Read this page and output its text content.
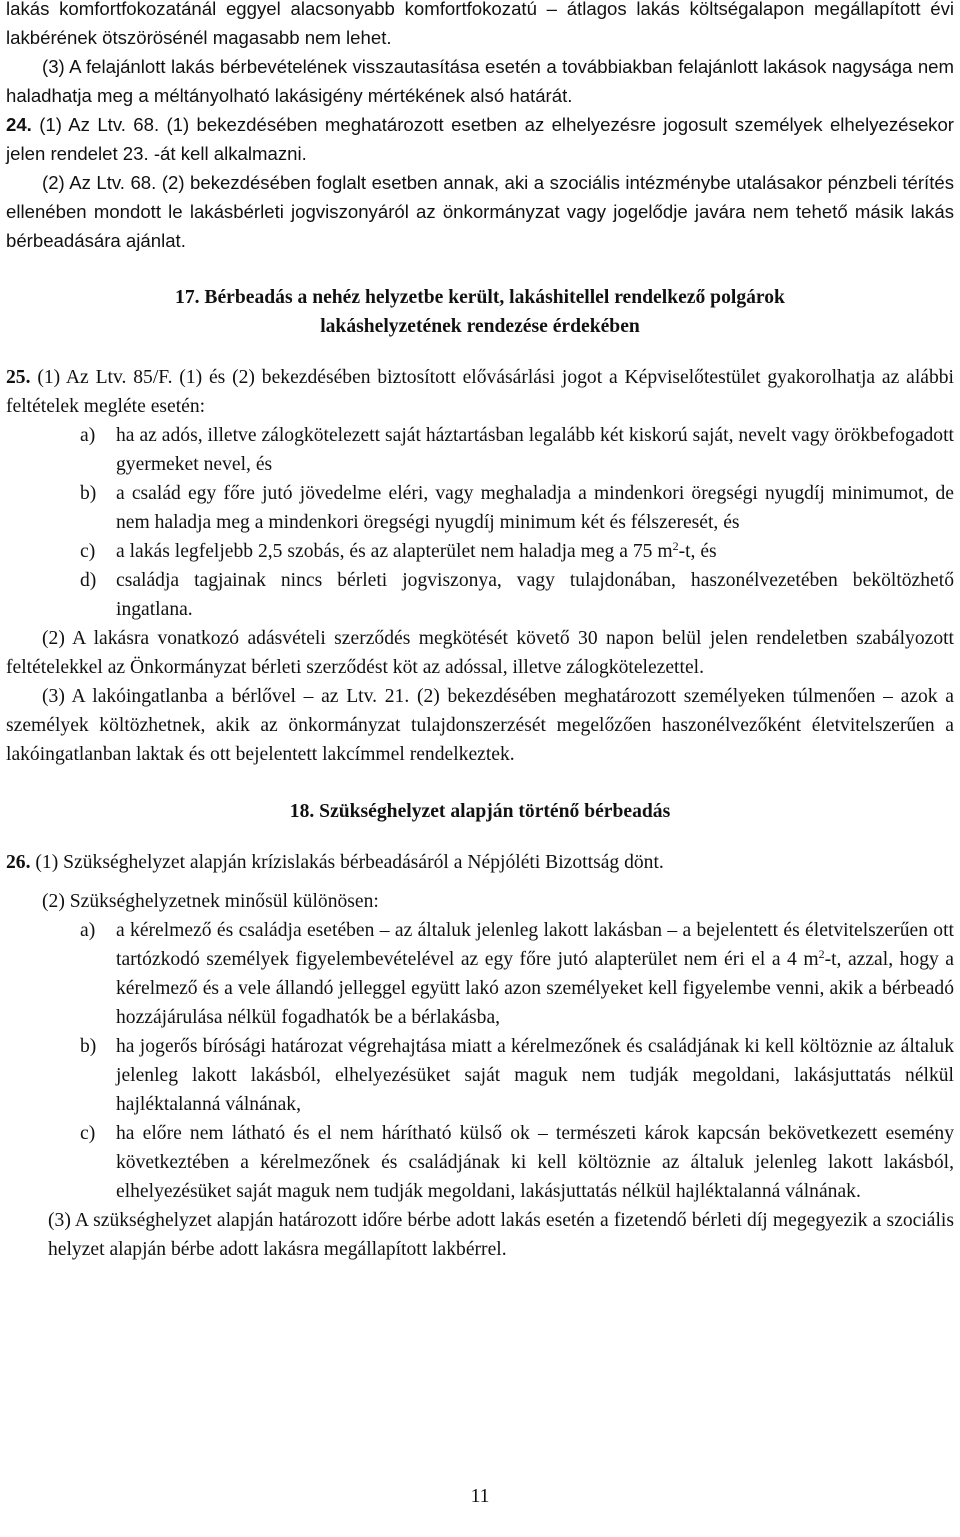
lakás komfortfokozatánál eggyel alacsonyabb komfortfokozatú – átlagos lakás költségalapon megállapított évi lakbérének ötszörösénél magasabb nem lehet.

(3) A felajánlott lakás bérbevételének visszautasítása esetén a továbbiakban felajánlott lakások nagysága nem haladhatja meg a méltányolható lakásigény mértékének alsó határát.

24. (1) Az Ltv. 68. (1) bekezdésében meghatározott esetben az elhelyezésre jogosult személyek elhelyezésekor jelen rendelet 23. -át kell alkalmazni.

(2) Az Ltv. 68. (2) bekezdésében foglalt esetben annak, aki a szociális intézménybe utalásakor pénzbeli térítés ellenében mondott le lakásbérleti jogviszonyáról az önkormányzat vagy jogelődje javára nem tehető másik lakás bérbeadására ajánlat.

17. Bérbeadás a nehéz helyzetbe került, lakáshitellel rendelkező polgárok

lakáshelyzetének rendezése érdekében

25. (1) Az Ltv. 85/F. (1) és (2) bekezdésében biztosított elővásárlási jogot a Képviselőtestület gyakorolhatja az alábbi feltételek megléte esetén:

a) ha az adós, illetve zálogkötelezett saját háztartásban legalább két kiskorú saját, nevelt vagy örökbefogadott gyermeket nevel, és
b) a család egy főre jutó jövedelme eléri, vagy meghaladja a mindenkori öregségi nyugdíj minimumot, de nem haladja meg a mindenkori öregségi nyugdíj minimum két és félszeresét, és
c) a lakás legfeljebb 2,5 szobás, és az alapterület nem haladja meg a 75 $m^2-t$, és
d) családja tagjainak nincs bérleti jogviszonya, vagy tulajdonában, haszonélvezetében beköltözhető ingatlana.

(2) A lakásra vonatkozó adásvételi szerződés megkötését követő 30 napon belül jelen rendeletben szabályozott feltételekkel az Önkormányzat bérleti szerződést köt az adóssal, illetve zálogkötelezettel.

(3) A lakóingatlanba a bérlővel – az Ltv. 21. (2) bekezdésében meghatározott személyeken túlmenően – azok a személyek költözhetnek, akik az önkormányzat tulajdonszerzését megelőzően haszonélvezőként életvitelszerűen a lakóingatlanban laktak és ott bejelentett lakcímmel rendelkeztek.

18. Szükséghelyzet alapján történő bérbeadás

26. (1) Szükséghelyzet alapján krízislakás bérbeadásáról a Népjóléti Bizottság dönt.

(2) Szükséghelyzetnek minősül különösen:

a) a kérelmező és családja esetében – az általuk jelenleg lakott lakásban – a bejelentett és életvitelszerűen ott tartózkodó személyek figyelembevételével az egy főre jutó alapterület nem éri el a 4 $m^2-t$, azzal, hogy a kérelmező és a vele állandó jelleggel együtt lakó azon személyeket kell figyelembe venni, akik a bérbeadó hozzájárulása nélkül fogadhatók be a bérlakásba,
b) ha jogerős bírósági határozat végrehajtása miatt a kérelmezőnek és családjának ki kell költöznie az általuk jelenleg lakott lakásból, elhelyezésüket saját maguk nem tudják megoldani, lakásjuttatás nélkül hajléktalanná válnának,
c) ha előre nem látható és el nem hárítható külső ok – természeti károk kapcsán bekövetkezett esemény következtében a kérelmezőnek és családjának ki kell költöznie az általuk jelenleg lakott lakásból, elhelyezésüket saját maguk nem tudják megoldani, lakásjuttatás nélkül hajléktalanná válnának.

(3) A szükséghelyzet alapján határozott időre bérbe adott lakás esetén a fizetendő bérleti díj megegyezik a szociális helyzet alapján bérbe adott lakásra megállapított lakbérrel.

11
